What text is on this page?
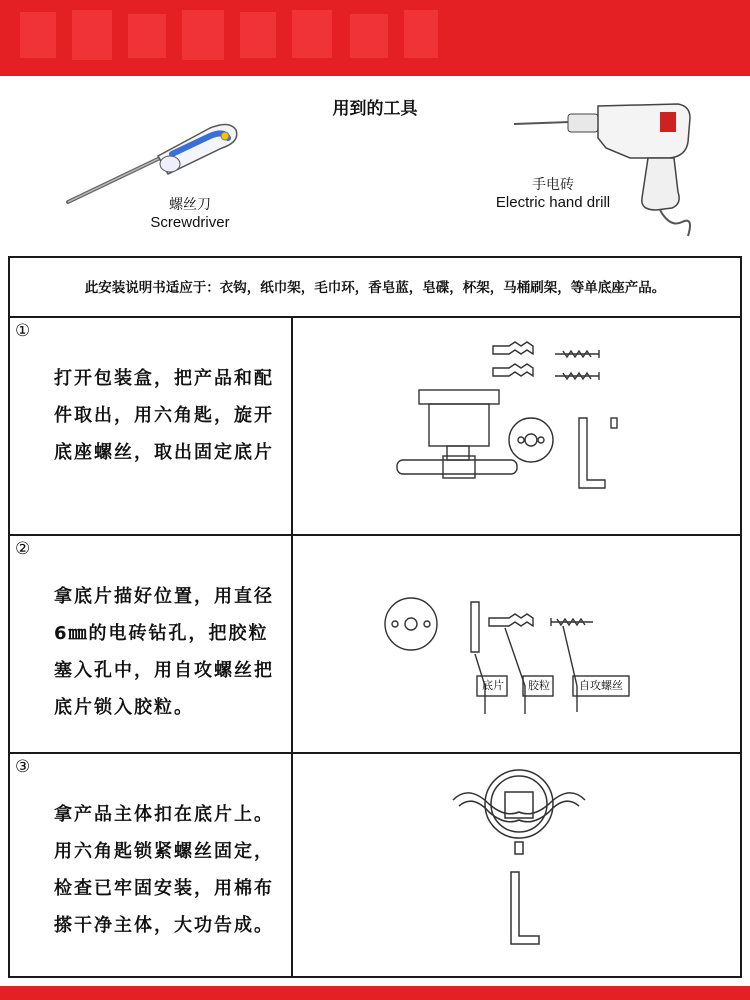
用到的工具
螺丝刀
Screwdriver
手电砖
Electric hand drill
此安装说明书适应于：衣钩，纸巾架，毛巾环，香皂蓝，皂碟，杯架，马桶刷架，等单底座产品。
①
打开包装盒，把产品和配件取出，用六角匙，旋开底座螺丝，取出固定底片
②
拿底片描好位置，用直径6㎜的电砖钻孔，把胶粒塞入孔中，用自攻螺丝把底片锁入胶粒。
底片	胶粒	自攻螺丝
③
拿产品主体扣在底片上。用六角匙锁紧螺丝固定，检查已牢固安装，用棉布搽干净主体，大功告成。
